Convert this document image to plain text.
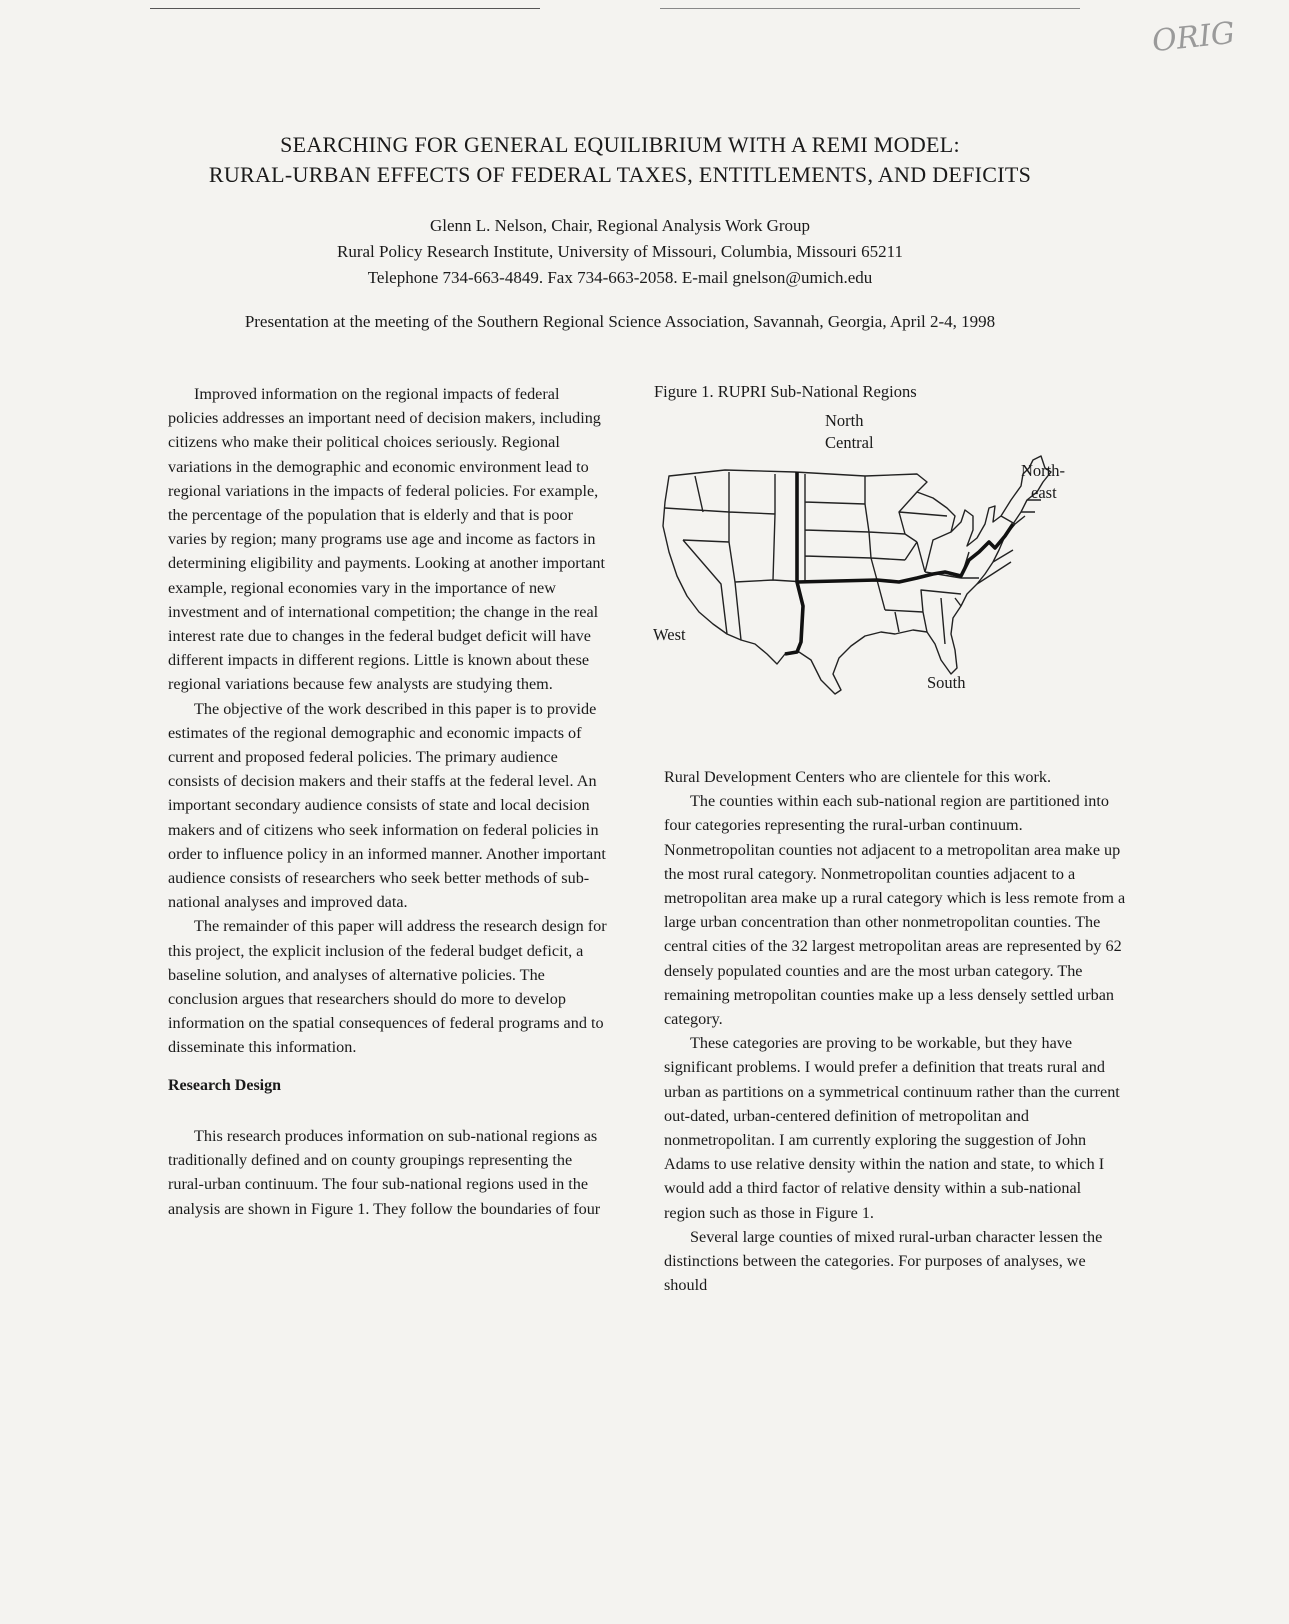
ORIG
SEARCHING FOR GENERAL EQUILIBRIUM WITH A REMI MODEL:
RURAL-URBAN EFFECTS OF FEDERAL TAXES, ENTITLEMENTS, AND DEFICITS
Glenn L. Nelson, Chair, Regional Analysis Work Group
Rural Policy Research Institute, University of Missouri, Columbia, Missouri 65211
Telephone 734-663-4849. Fax 734-663-2058. E-mail gnelson@umich.edu
Presentation at the meeting of the Southern Regional Science Association, Savannah, Georgia, April 2-4, 1998

Improved information on the regional impacts of federal policies addresses an important need of decision makers, including citizens who make their political choices seriously. Regional variations in the demographic and economic environment lead to regional variations in the impacts of federal policies. For example, the percentage of the population that is elderly and that is poor varies by region; many programs use age and income as factors in determining eligibility and payments. Looking at another important example, regional economies vary in the importance of new investment and of international competition; the change in the real interest rate due to changes in the federal budget deficit will have different impacts in different regions. Little is known about these regional variations because few analysts are studying them.

The objective of the work described in this paper is to provide estimates of the regional demographic and economic impacts of current and proposed federal policies. The primary audience consists of decision makers and their staffs at the federal level. An important secondary audience consists of state and local decision makers and of citizens who seek information on federal policies in order to influence policy in an informed manner. Another important audience consists of researchers who seek better methods of sub-national analyses and improved data.

The remainder of this paper will address the research design for this project, the explicit inclusion of the federal budget deficit, a baseline solution, and analyses of alternative policies. The conclusion argues that researchers should do more to develop information on the spatial consequences of federal programs and to disseminate this information.

Research Design

This research produces information on sub-national regions as traditionally defined and on county groupings representing the rural-urban continuum. The four sub-national regions used in the analysis are shown in Figure 1. They follow the boundaries of four

Figure 1. RUPRI Sub-National Regions
North
Central
North-
east
West
South

Rural Development Centers who are clientele for this work.

The counties within each sub-national region are partitioned into four categories representing the rural-urban continuum. Nonmetropolitan counties not adjacent to a metropolitan area make up the most rural category. Nonmetropolitan counties adjacent to a metropolitan area make up a rural category which is less remote from a large urban concentration than other nonmetropolitan counties. The central cities of the 32 largest metropolitan areas are represented by 62 densely populated counties and are the most urban category. The remaining metropolitan counties make up a less densely settled urban category.

These categories are proving to be workable, but they have significant problems. I would prefer a definition that treats rural and urban as partitions on a symmetrical continuum rather than the current out-dated, urban-centered definition of metropolitan and nonmetropolitan. I am currently exploring the suggestion of John Adams to use relative density within the nation and state, to which I would add a third factor of relative density within a sub-national region such as those in Figure 1.

Several large counties of mixed rural-urban character lessen the distinctions between the categories. For purposes of analyses, we should
